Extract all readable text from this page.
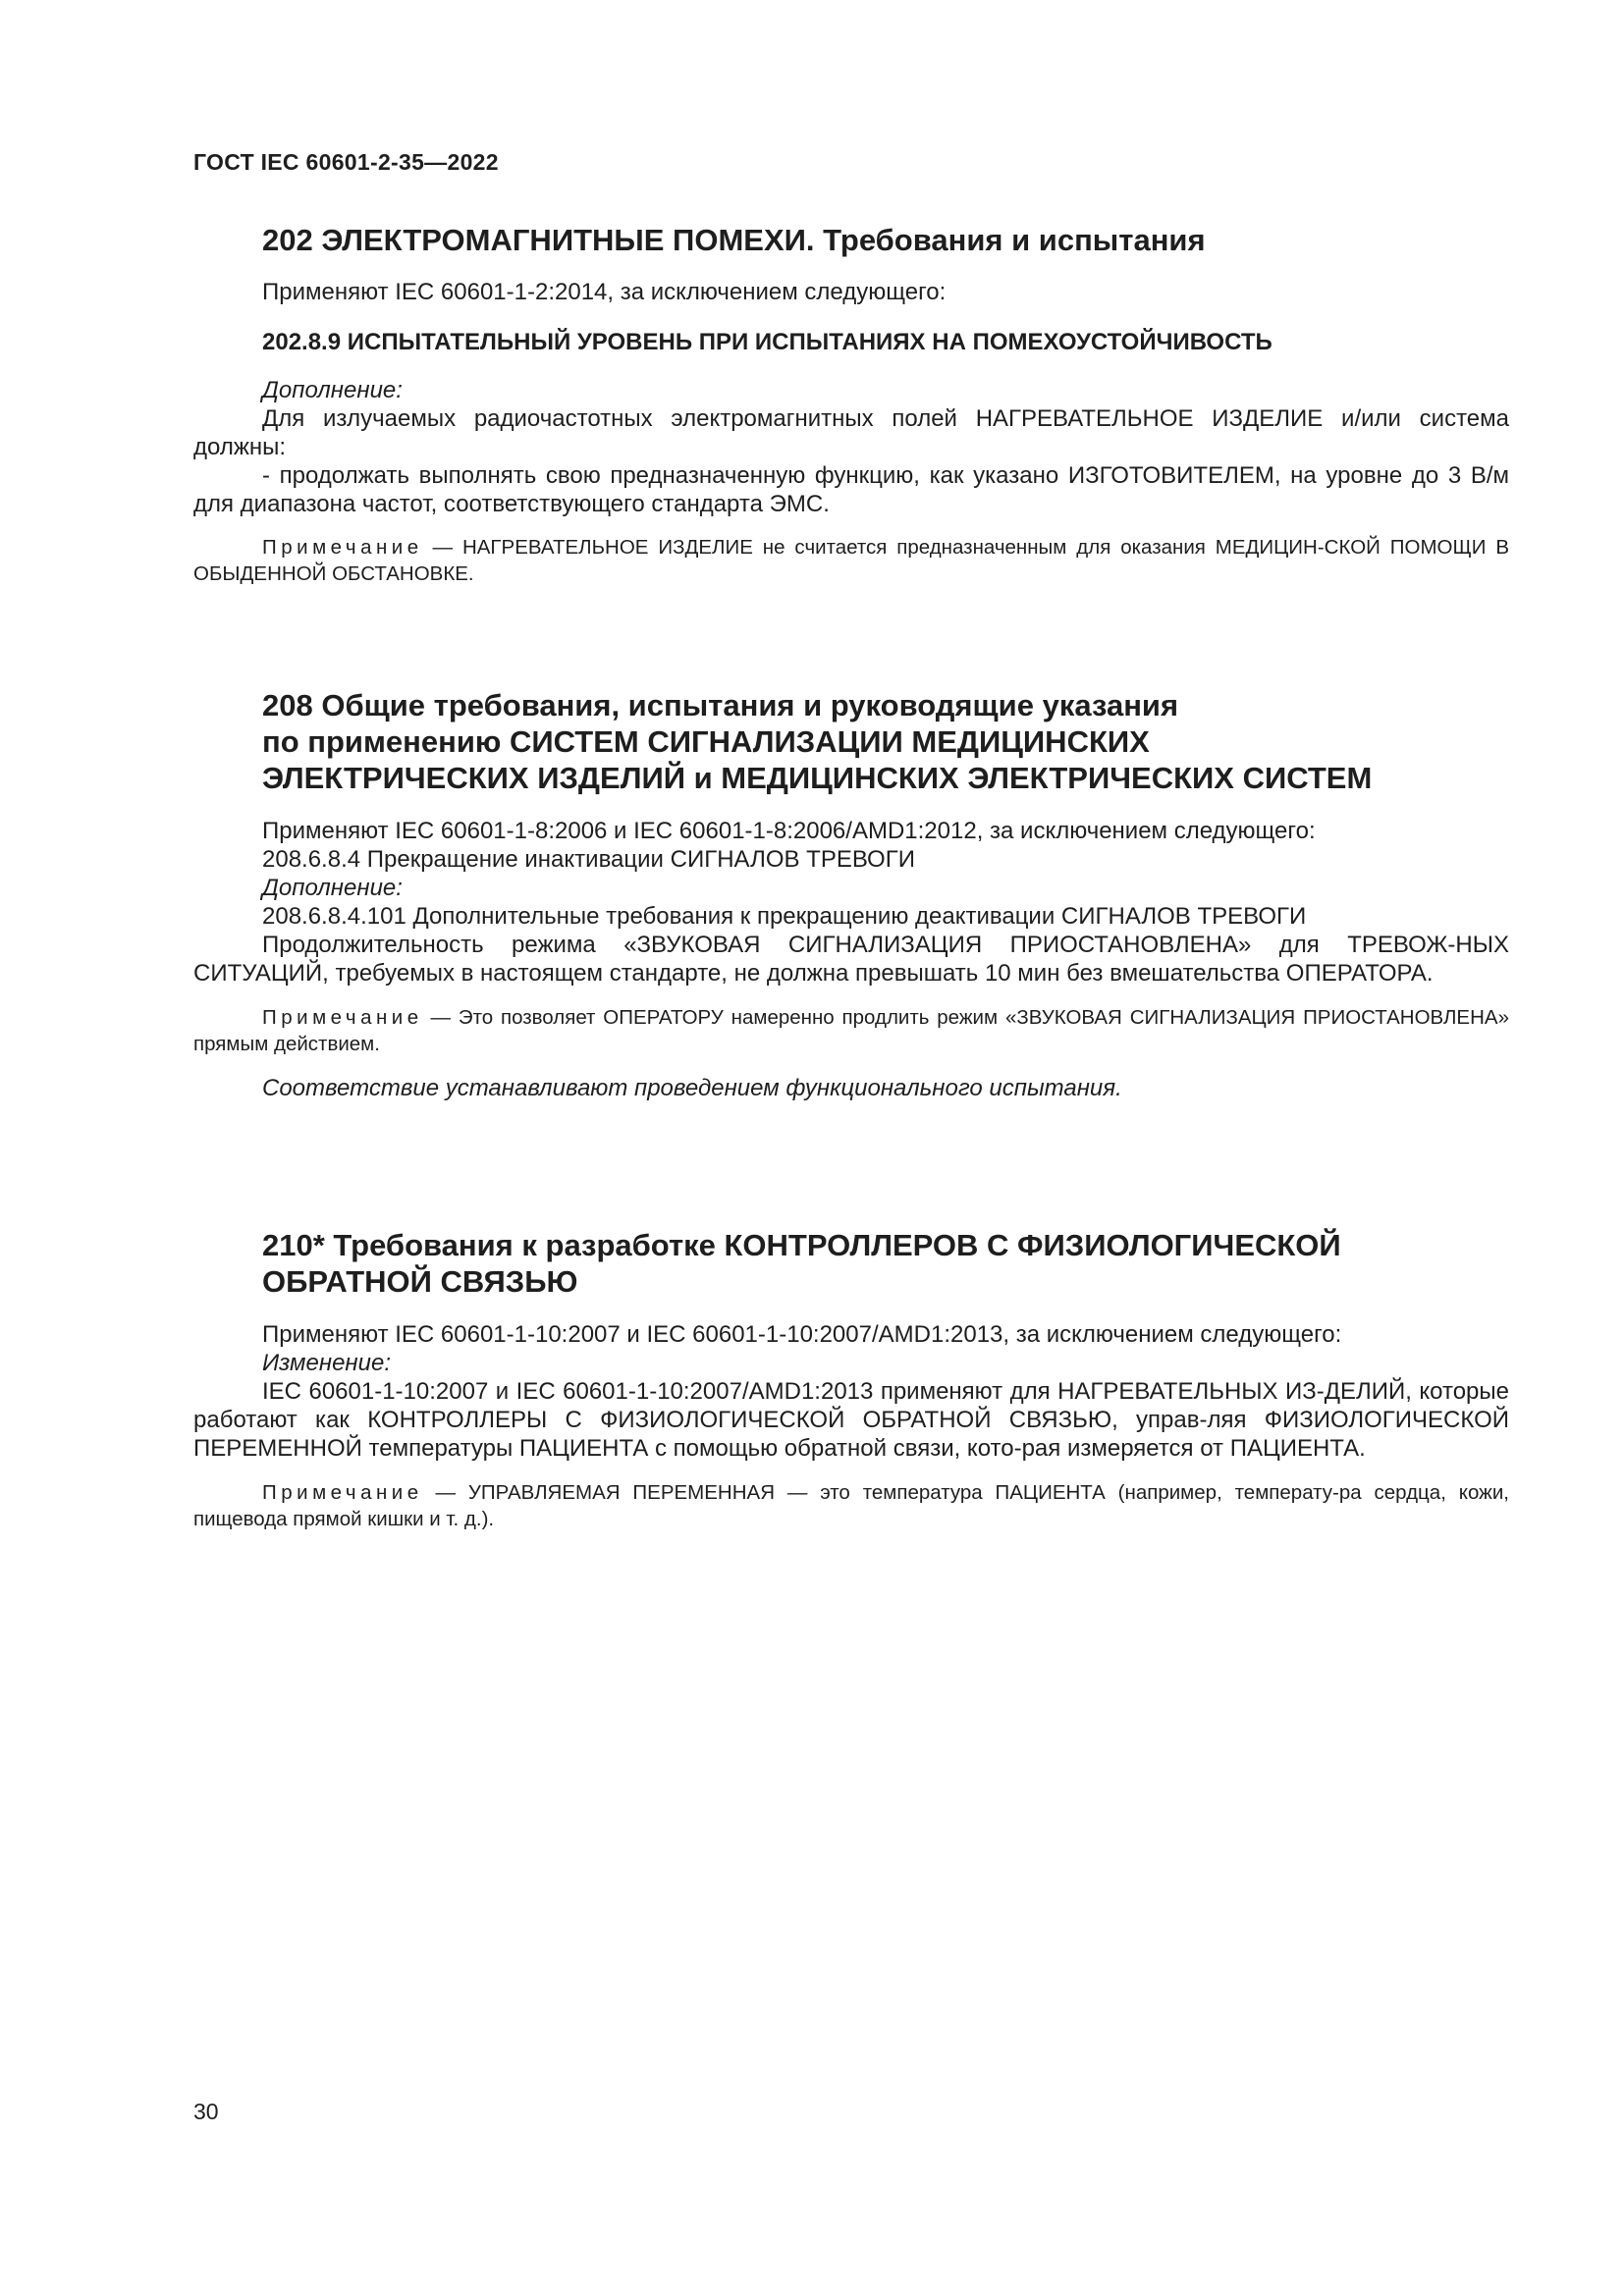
ГОСТ IEC 60601-2-35—2022
202 ЭЛЕКТРОМАГНИТНЫЕ ПОМЕХИ. Требования и испытания
Применяют IEC 60601-1-2:2014, за исключением следующего:
202.8.9 ИСПЫТАТЕЛЬНЫЙ УРОВЕНЬ ПРИ ИСПЫТАНИЯХ НА ПОМЕХОУСТОЙЧИВОСТЬ
Дополнение:
Для излучаемых радиочастотных электромагнитных полей НАГРЕВАТЕЛЬНОЕ ИЗДЕЛИЕ и/или система должны:
- продолжать выполнять свою предназначенную функцию, как указано ИЗГОТОВИТЕЛЕМ, на уровне до 3 В/м для диапазона частот, соответствующего стандарта ЭМС.
Примечание — НАГРЕВАТЕЛЬНОЕ ИЗДЕЛИЕ не считается предназначенным для оказания МЕДИЦИН-СКОЙ ПОМОЩИ В ОБЫДЕННОЙ ОБСТАНОВКЕ.
208 Общие требования, испытания и руководящие указания
по применению СИСТЕМ СИГНАЛИЗАЦИИ МЕДИЦИНСКИХ
ЭЛЕКТРИЧЕСКИХ ИЗДЕЛИЙ и МЕДИЦИНСКИХ ЭЛЕКТРИЧЕСКИХ СИСТЕМ
Применяют IEC 60601-1-8:2006 и IEC 60601-1-8:2006/AMD1:2012, за исключением следующего:
208.6.8.4 Прекращение инактивации СИГНАЛОВ ТРЕВОГИ
Дополнение:
208.6.8.4.101 Дополнительные требования к прекращению деактивации СИГНАЛОВ ТРЕВОГИ
Продолжительность режима «ЗВУКОВАЯ СИГНАЛИЗАЦИЯ ПРИОСТАНОВЛЕНА» для ТРЕВОЖ-НЫХ СИТУАЦИЙ, требуемых в настоящем стандарте, не должна превышать 10 мин без вмешательства ОПЕРАТОРА.
Примечание — Это позволяет ОПЕРАТОРУ намеренно продлить режим «ЗВУКОВАЯ СИГНАЛИЗАЦИЯ ПРИОСТАНОВЛЕНА» прямым действием.
Соответствие устанавливают проведением функционального испытания.
210* Требования к разработке КОНТРОЛЛЕРОВ С ФИЗИОЛОГИЧЕСКОЙ
ОБРАТНОЙ СВЯЗЬЮ
Применяют IEC 60601-1-10:2007 и IEC 60601-1-10:2007/AMD1:2013, за исключением следующего:
Изменение:
IEC 60601-1-10:2007 и IEC 60601-1-10:2007/AMD1:2013 применяют для НАГРЕВАТЕЛЬНЫХ ИЗ-ДЕЛИЙ, которые работают как КОНТРОЛЛЕРЫ С ФИЗИОЛОГИЧЕСКОЙ ОБРАТНОЙ СВЯЗЬЮ, управ-ляя ФИЗИОЛОГИЧЕСКОЙ ПЕРЕМЕННОЙ температуры ПАЦИЕНТА с помощью обратной связи, кото-рая измеряется от ПАЦИЕНТА.
Примечание — УПРАВЛЯЕМАЯ ПЕРЕМЕННАЯ — это температура ПАЦИЕНТА (например, температу-ра сердца, кожи, пищевода прямой кишки и т. д.).
30
